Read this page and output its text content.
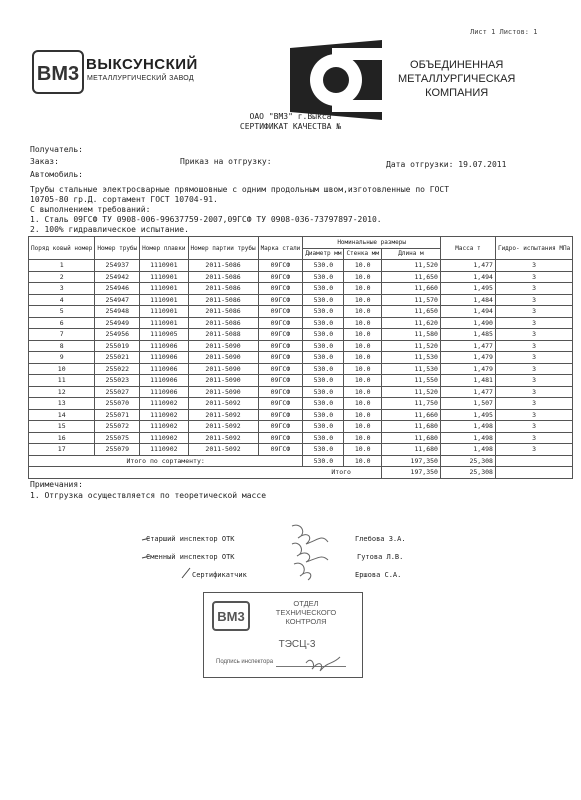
Лист 1 Листов: 1
BM3 ВЫКСУНСКИЙ
МЕТАЛЛУРГИЧЕСКИЙ ЗАВОД
ОБЪЕДИНЕННАЯ
МЕТАЛЛУРГИЧЕСКАЯ
КОМПАНИЯ
ОАО "ВМЗ" г.Выкса
СЕРТИФИКАТ КАЧЕСТВА №
Получатель:
Заказ:	Приказ на отгрузку:	Дата отгрузки: 19.07.2011
Автомобиль:
Трубы стальные электросварные прямошовные с одним продольным швом,изготовленные по ГОСТ
10705-80 гр.Д. сортамент ГОСТ 10704-91.
С выполнением требований:
1. Сталь 09ГСФ ТУ 0908-006-99637759-2007,09ГСФ ТУ 0908-036-73797897-2010.
2. 100% гидравлическое испытание.
Поряд ковый номер	Номер трубы	Номер плавки	Номер партии трубы	Марка стали	Номинальные размеры			Масса т	Гидро- испытания МПа
					Диаметр мм	Стенка мм	Длина м		
1	254937	1110901	2011-5086	09ГСФ	530.0	10.0	11,520	1,477	3
2	254942	1110901	2011-5086	09ГСФ	530.0	10.0	11,650	1,494	3
3	254946	1110901	2011-5086	09ГСФ	530.0	10.0	11,660	1,495	3
4	254947	1110901	2011-5086	09ГСФ	530.0	10.0	11,570	1,484	3
5	254948	1110901	2011-5086	09ГСФ	530.0	10.0	11,650	1,494	3
6	254949	1110901	2011-5086	09ГСФ	530.0	10.0	11,620	1,490	3
7	254956	1110905	2011-5088	09ГСФ	530.0	10.0	11,580	1,485	3
8	255019	1110906	2011-5090	09ГСФ	530.0	10.0	11,520	1,477	3
9	255021	1110906	2011-5090	09ГСФ	530.0	10.0	11,530	1,479	3
10	255022	1110906	2011-5090	09ГСФ	530.0	10.0	11,530	1,479	3
11	255023	1110906	2011-5090	09ГСФ	530.0	10.0	11,550	1,481	3
12	255027	1110906	2011-5090	09ГСФ	530.0	10.0	11,520	1,477	3
13	255070	1110902	2011-5092	09ГСФ	530.0	10.0	11,750	1,507	3
14	255071	1110902	2011-5092	09ГСФ	530.0	10.0	11,660	1,495	3
15	255072	1110902	2011-5092	09ГСФ	530.0	10.0	11,680	1,498	3
16	255075	1110902	2011-5092	09ГСФ	530.0	10.0	11,680	1,498	3
17	255079	1110902	2011-5092	09ГСФ	530.0	10.0	11,680	1,498	3
Итого по сортаменту:					530.0	10.0	197,350	25,308	
Итого							197,350	25,308	
Примечания:
1. Отгрузка осуществляется по теоретической массе
Старший инспектор ОТК	Глебова З.А.
Сменный инспектор ОТК	Гутова Л.В.
Сертификатчик	Ершова С.А.
BM3
ОТДЕЛ
ТЕХНИЧЕСКОГО
КОНТРОЛЯ
ТЭСЦ-3
Подпись инспектора
